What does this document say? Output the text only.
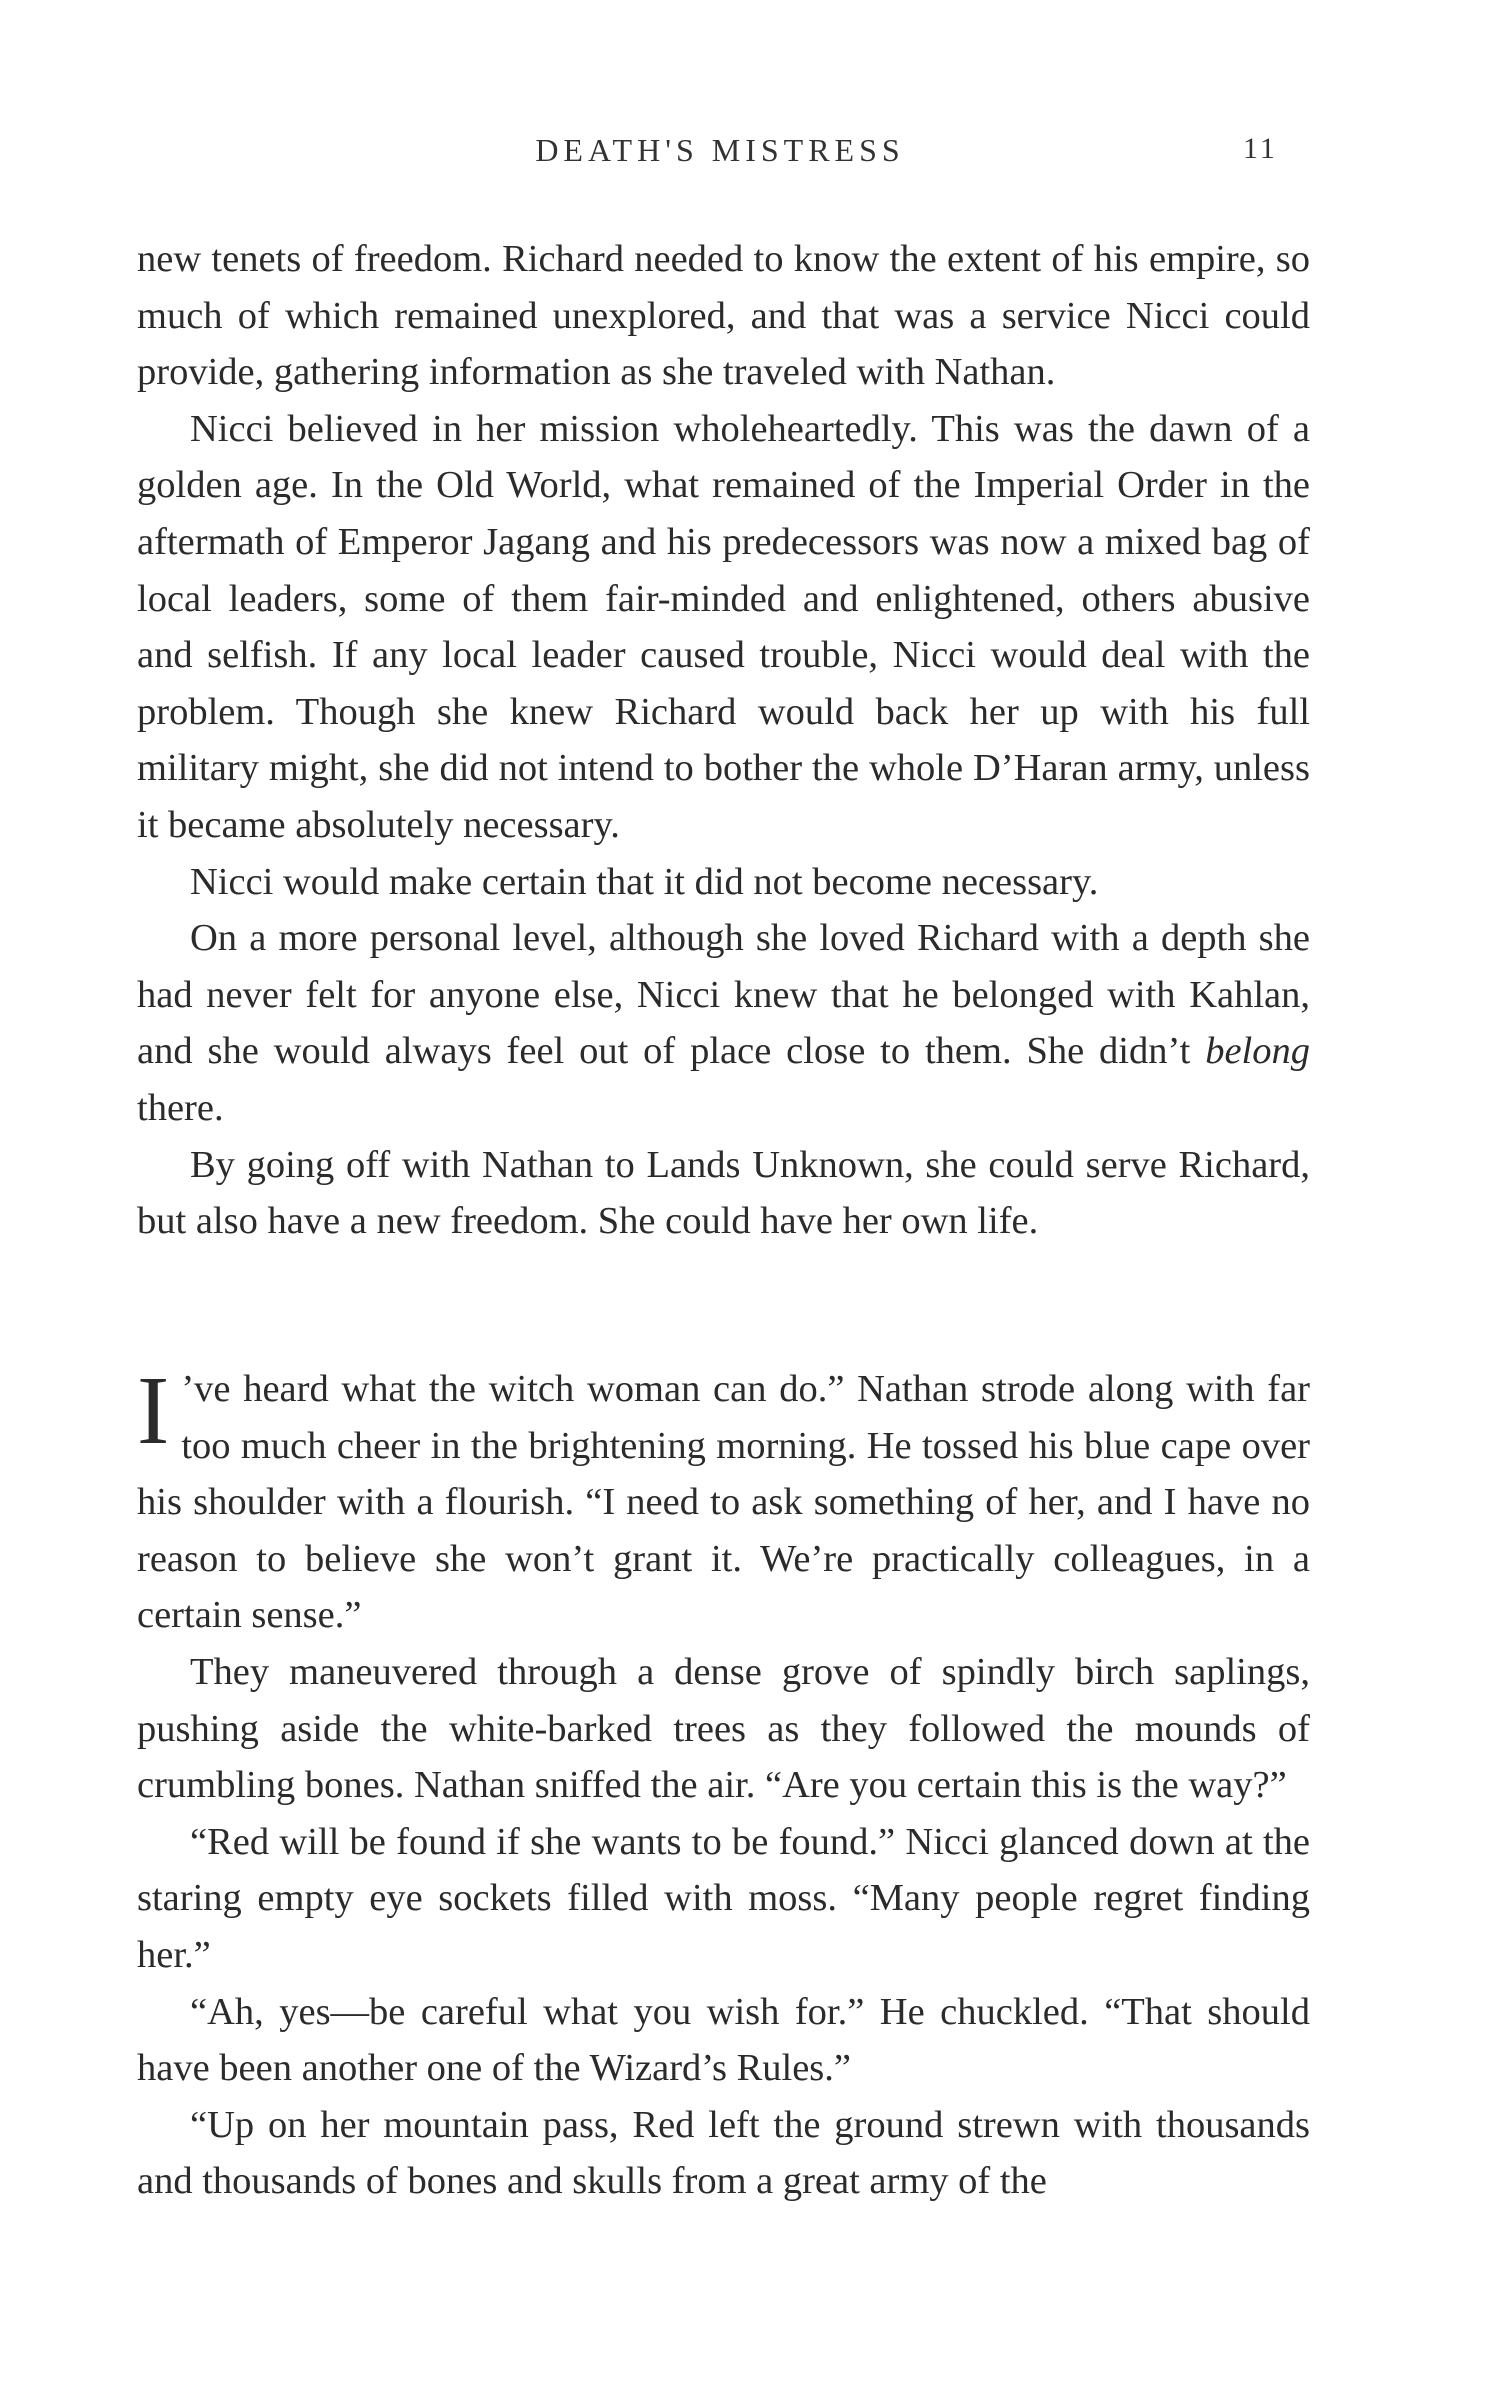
DEATH'S MISTRESS	11

new tenets of freedom. Richard needed to know the extent of his empire, so much of which remained unexplored, and that was a service Nicci could provide, gathering information as she traveled with Nathan.

Nicci believed in her mission wholeheartedly. This was the dawn of a golden age. In the Old World, what remained of the Imperial Order in the aftermath of Emperor Jagang and his predecessors was now a mixed bag of local leaders, some of them fair-minded and enlightened, others abusive and selfish. If any local leader caused trouble, Nicci would deal with the problem. Though she knew Richard would back her up with his full military might, she did not intend to bother the whole D’Haran army, unless it became absolutely necessary.

Nicci would make certain that it did not become necessary.

On a more personal level, although she loved Richard with a depth she had never felt for anyone else, Nicci knew that he belonged with Kahlan, and she would always feel out of place close to them. She didn’t belong there.

By going off with Nathan to Lands Unknown, she could serve Richard, but also have a new freedom. She could have her own life.

I ’ve heard what the witch woman can do.” Nathan strode along with far too much cheer in the brightening morning. He tossed his blue cape over his shoulder with a flourish. “I need to ask something of her, and I have no reason to believe she won’t grant it. We’re practically colleagues, in a certain sense.”

They maneuvered through a dense grove of spindly birch saplings, pushing aside the white-barked trees as they followed the mounds of crumbling bones. Nathan sniffed the air. “Are you certain this is the way?”

“Red will be found if she wants to be found.” Nicci glanced down at the staring empty eye sockets filled with moss. “Many people regret finding her.”

“Ah, yes—be careful what you wish for.” He chuckled. “That should have been another one of the Wizard’s Rules.”

“Up on her mountain pass, Red left the ground strewn with thousands and thousands of bones and skulls from a great army of the
